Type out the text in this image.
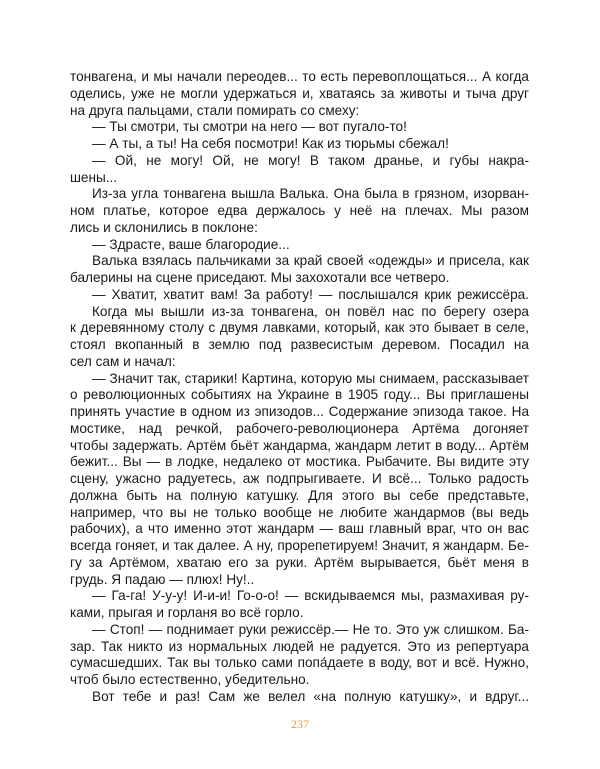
тонвагена, и мы начали переодев... то есть перевоплощаться... А когда
оделись, уже не могли удержаться и, хватаясь за животы и тыча друг
на друга пальцами, стали помирать со смеху:
— Ты смотри, ты смотри на него — вот пугало-то!
— А ты, а ты! На себя посмотри! Как из тюрьмы сбежал!
— Ой, не могу! Ой, не могу! В таком дранье, и губы накра-
шены...
Из-за угла тонвагена вышла Валька. Она была в грязном, изорван-
ном платье, которое едва держалось у неё на плечах. Мы разом
лись и склонились в поклоне:
— Здрасте, ваше благородие...
Валька взялась пальчиками за край своей «одежды» и присела, как
балерины на сцене приседают. Мы захохотали все четверо.
— Хватит, хватит вам! За работу! — послышался крик режиссёра.
Когда мы вышли из-за тонвагена, он повёл нас по берегу озера
к деревянному столу с двумя лавками, который, как это бывает в селе,
стоял вкопанный в землю под развесистым деревом. Посадил на
сел сам и начал:
— Значит так, старики! Картина, которую мы снимаем, рассказывает
о революционных событиях на Украине в 1905 году... Вы приглашены
принять участие в одном из эпизодов... Содержание эпизода такое. На
мостике, над речкой, рабочего-революционера Артёма догоняет
чтобы задержать. Артём бьёт жандарма, жандарм летит в воду... Артём
бежит... Вы — в лодке, недалеко от мостика. Рыбачите. Вы видите эту
сцену, ужасно радуетесь, аж подпрыгиваете. И всё... Только радость
должна быть на полную катушку. Для этого вы себе представьте,
например, что вы не только вообще не любите жандармов (вы ведь
рабочих), а что именно этот жандарм — ваш главный враг, что он вас
всегда гоняет, и так далее. А ну, прорепетируем! Значит, я жандарм. Бе-
гу за Артёмом, хватаю его за руки. Артём вырывается, бьёт меня в
грудь. Я падаю — плюх! Ну!..
— Га-га! У-у-у! И-и-и! Го-о-о! — вскидываемся мы, размахивая ру-
ками, прыгая и горланя во всё горло.
— Стоп! — поднимает руки режиссёр.— Не то. Это уж слишком. Ба-
зар. Так никто из нормальных людей не радуется. Это из репертуара
сумасшедших. Так вы только сами попа́даете в воду, вот и всё. Нужно,
чтоб было естественно, убедительно.
Вот тебе и раз! Сам же велел «на полную катушку», и вдруг...
237
